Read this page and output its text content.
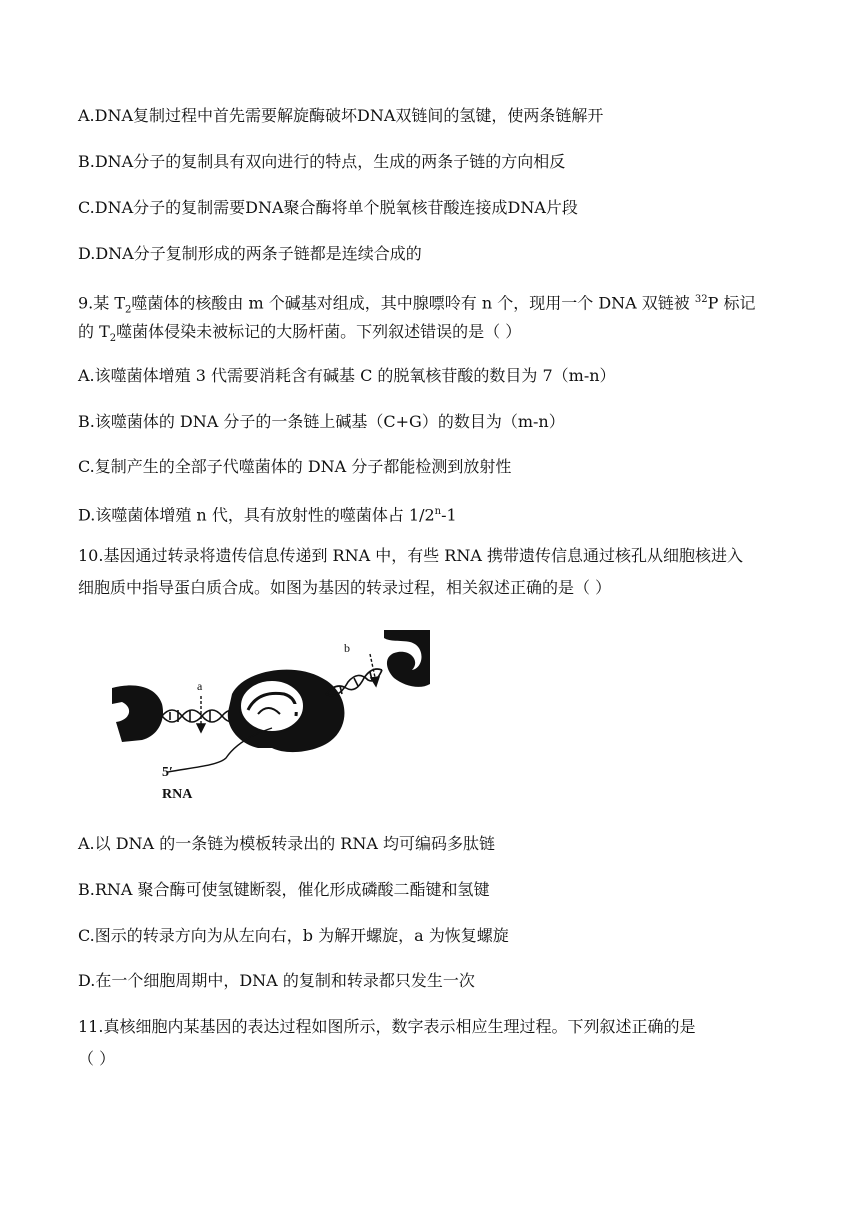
A.DNA复制过程中首先需要解旋酶破坏DNA双链间的氢键，使两条链解开
B.DNA分子的复制具有双向进行的特点，生成的两条子链的方向相反
C.DNA分子的复制需要DNA聚合酶将单个脱氧核苷酸连接成DNA片段
D.DNA分子复制形成的两条子链都是连续合成的
9.某 $T_2$噬菌体的核酸由 m 个碱基对组成，其中腺嘌呤有 n 个，现用一个 DNA 双链被 $^{32}$P 标记
的 $T_2$噬菌体侵染未被标记的大肠杆菌。下列叙述错误的是（ ）
A.该噬菌体增殖 3 代需要消耗含有碱基 C 的脱氧核苷酸的数目为 7（m-n）
B.该噬菌体的 DNA 分子的一条链上碱基（C+G）的数目为（m-n）
C.复制产生的全部子代噬菌体的 DNA 分子都能检测到放射性
D.该噬菌体增殖 n 代，具有放射性的噬菌体占 1/2$^n$-1
10.基因通过转录将遗传信息传递到 RNA 中，有些 RNA 携带遗传信息通过核孔从细胞核进入
细胞质中指导蛋白质合成。如图为基因的转录过程，相关叙述正确的是（ ）
a
b
5′
RNA
A.以 DNA 的一条链为模板转录出的 RNA 均可编码多肽链
B.RNA 聚合酶可使氢键断裂，催化形成磷酸二酯键和氢键
C.图示的转录方向为从左向右，b 为解开螺旋，a 为恢复螺旋
D.在一个细胞周期中，DNA 的复制和转录都只发生一次
11.真核细胞内某基因的表达过程如图所示，数字表示相应生理过程。下列叙述正确的是
（ ）
